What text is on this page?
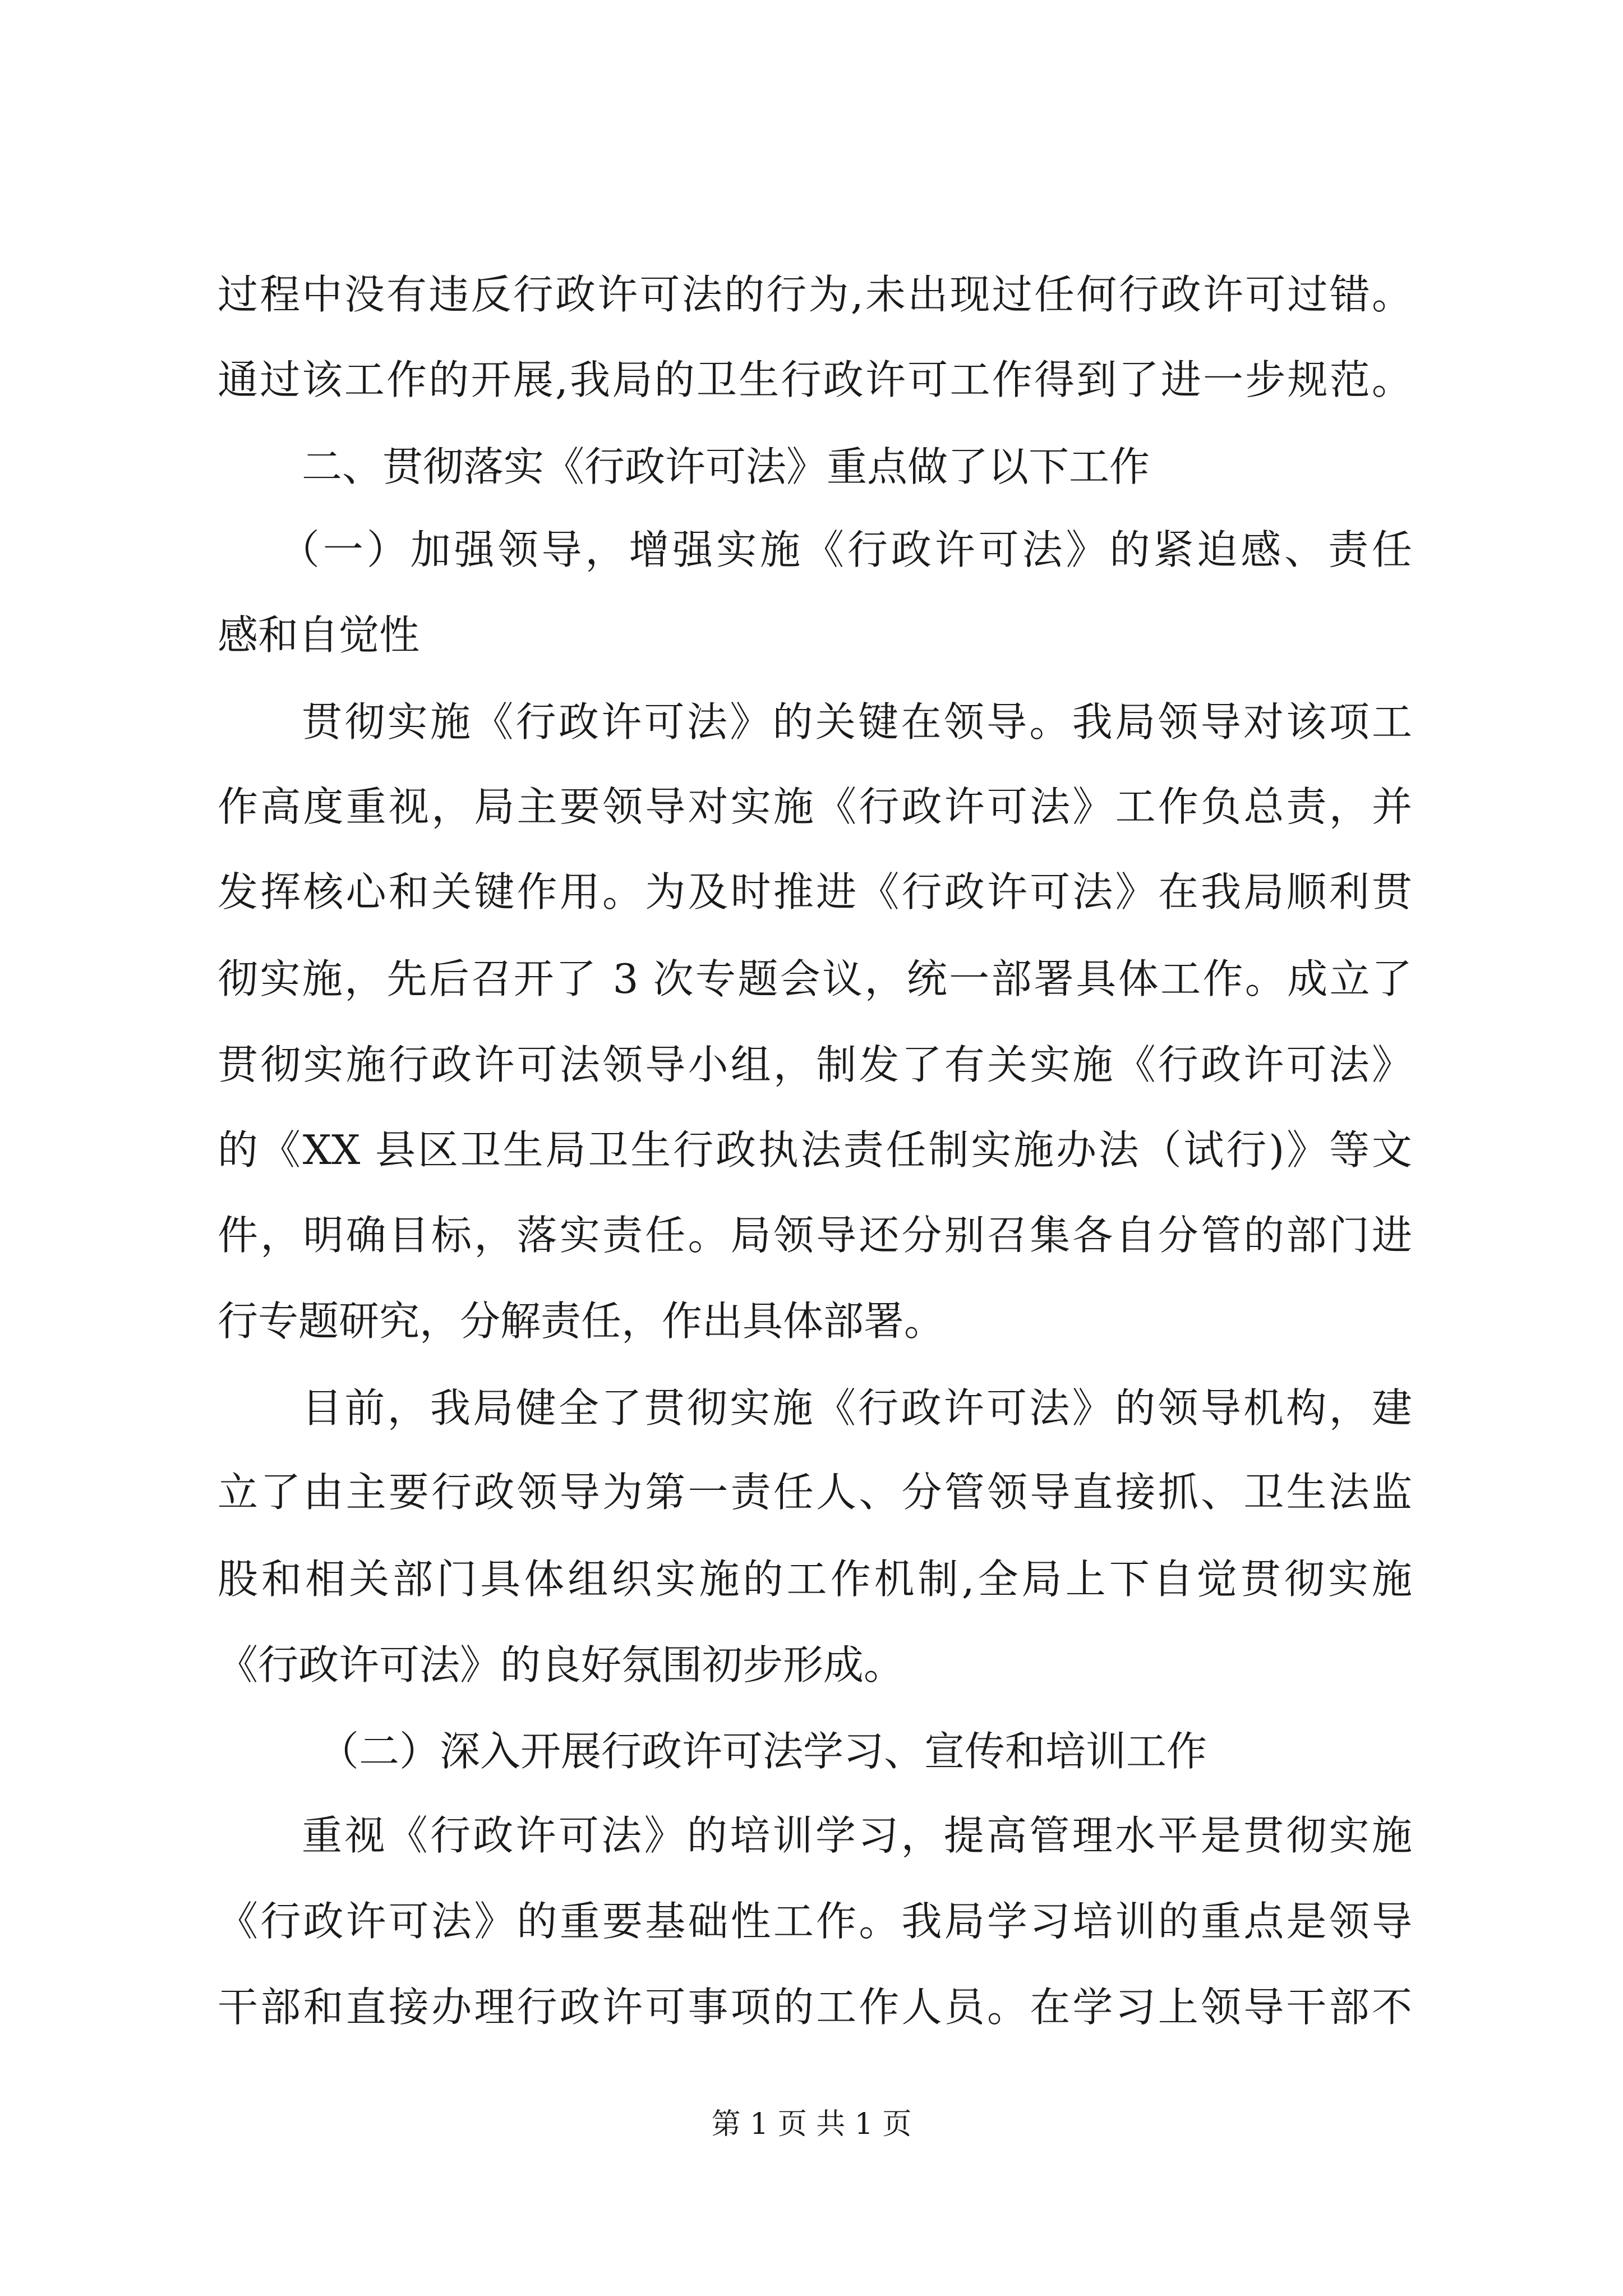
过程中没有违反行政许可法的行为,未出现过任何行政许可过错。
通过该工作的开展,我局的卫生行政许可工作得到了进一步规范。
二、贯彻落实《行政许可法》重点做了以下工作
（一）加强领导，增强实施《行政许可法》的紧迫感、责任
感和自觉性
贯彻实施《行政许可法》的关键在领导。我局领导对该项工
作高度重视，局主要领导对实施《行政许可法》工作负总责，并
发挥核心和关键作用。为及时推进《行政许可法》在我局顺利贯
彻实施，先后召开了 3 次专题会议，统一部署具体工作。成立了
贯彻实施行政许可法领导小组，制发了有关实施《行政许可法》
的《XX 县区卫生局卫生行政执法责任制实施办法（试行)》等文
件，明确目标，落实责任。局领导还分别召集各自分管的部门进
行专题研究，分解责任，作出具体部署。
目前，我局健全了贯彻实施《行政许可法》的领导机构，建
立了由主要行政领导为第一责任人、分管领导直接抓、卫生法监
股和相关部门具体组织实施的工作机制,全局上下自觉贯彻实施
《行政许可法》的良好氛围初步形成。
（二）深入开展行政许可法学习、宣传和培训工作
重视《行政许可法》的培训学习，提高管理水平是贯彻实施
《行政许可法》的重要基础性工作。我局学习培训的重点是领导
干部和直接办理行政许可事项的工作人员。在学习上领导干部不
第 1 页 共 1 页
